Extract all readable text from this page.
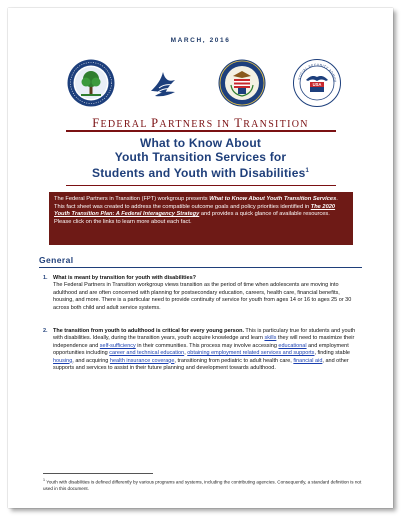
MARCH, 2016
SOCIAL SECURITY ADMINI
USA
FEDERAL PARTNERS IN TRANSITION
What to Know About
Youth Transition Services for
Students and Youth with Disabilities$^1$
The Federal Partners in Transition (FPT) workgroup presents What to Know About Youth Transition Services. This fact sheet was created to address the compatible outcome goals and policy priorities identified in The 2020 Youth Transition Plan: A Federal Interagency Strategy and provides a quick glance of available resources. Please click on the links to learn more about each fact.
General
1. What is meant by transition for youth with disabilities?
The Federal Partners in Transition workgroup views transition as the period of time when adolescents are moving into adulthood and are often concerned with planning for postsecondary education, careers, health care, financial benefits, housing, and more. There is a particular need to provide continuity of service for youth from ages 14 or 16 to ages 25 or 30 across both child and adult service systems.
2. The transition from youth to adulthood is critical for every young person. This is particulary true for students and youth with disabilities. Ideally, during the transition years, youth acquire knowledge and learn skills they will need to maximize their independence and self-sufficiency in their communities. This process may involve accessing educational and employment opportunities including career and technical education, obtaining employment related services and supports, finding stable housing, and acquiring health insurance coverage, transitioning from pediatric to adult health care, financial aid, and other supports and services to assist in their future planning and development towards adulthood.
$^1$ Youth with disabilities is defined differently by various programs and systems, including the contributing agencies. Consequently, a standard definition is not used in this document.
